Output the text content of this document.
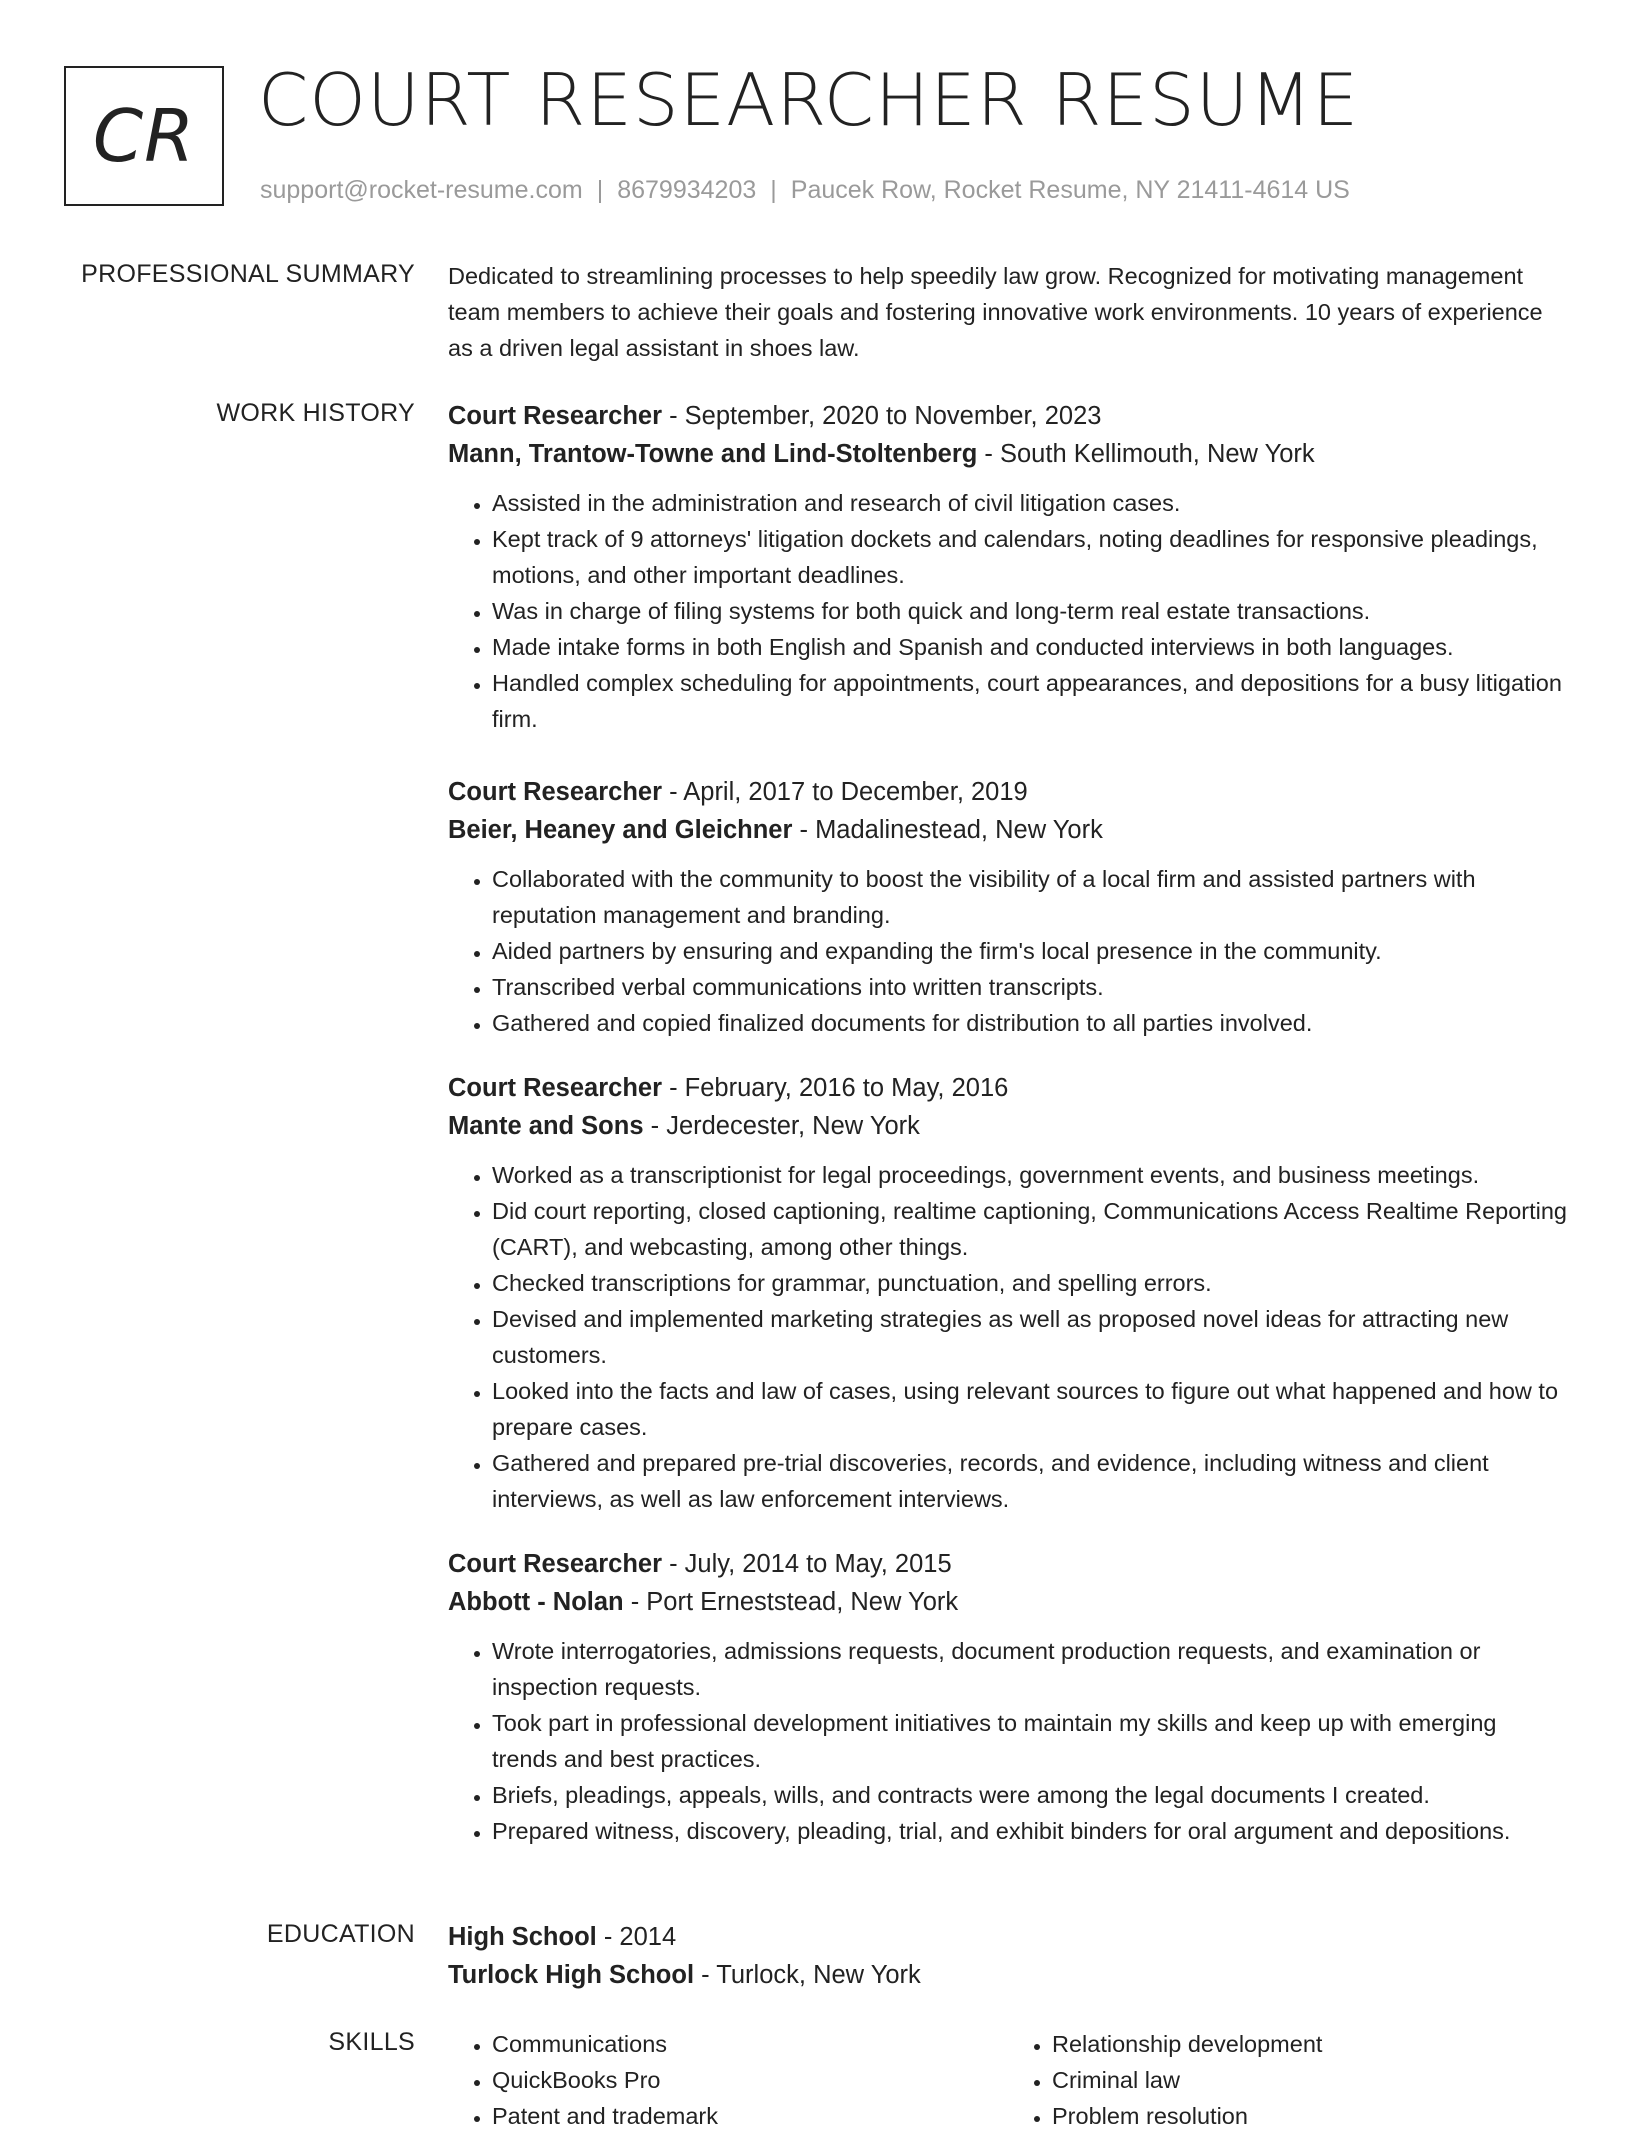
CR COURT RESEARCHER RESUME
support@rocket-resume.com | 8679934203 | Paucek Row, Rocket Resume, NY 21411-4614 US
PROFESSIONAL SUMMARY Dedicated to streamlining processes to help speedily law grow. Recognized for motivating management team members to achieve their goals and fostering innovative work environments. 10 years of experience as a driven legal assistant in shoes law.

WORK HISTORY Court Researcher - September, 2020 to November, 2023
Mann, Trantow-Towne and Lind-Stoltenberg - South Kellimouth, New York
• Assisted in the administration and research of civil litigation cases.
• Kept track of 9 attorneys' litigation dockets and calendars, noting deadlines for responsive pleadings, motions, and other important deadlines.
• Was in charge of filing systems for both quick and long-term real estate transactions.
• Made intake forms in both English and Spanish and conducted interviews in both languages.
• Handled complex scheduling for appointments, court appearances, and depositions for a busy litigation firm.
Court Researcher - April, 2017 to December, 2019
Beier, Heaney and Gleichner - Madalinestead, New York
• Collaborated with the community to boost the visibility of a local firm and assisted partners with reputation management and branding.
• Aided partners by ensuring and expanding the firm's local presence in the community.
• Transcribed verbal communications into written transcripts.
• Gathered and copied finalized documents for distribution to all parties involved.
Court Researcher - February, 2016 to May, 2016
Mante and Sons - Jerdecester, New York
• Worked as a transcriptionist for legal proceedings, government events, and business meetings.
• Did court reporting, closed captioning, realtime captioning, Communications Access Realtime Reporting (CART), and webcasting, among other things.
• Checked transcriptions for grammar, punctuation, and spelling errors.
• Devised and implemented marketing strategies as well as proposed novel ideas for attracting new customers.
• Looked into the facts and law of cases, using relevant sources to figure out what happened and how to prepare cases.
• Gathered and prepared pre-trial discoveries, records, and evidence, including witness and client interviews, as well as law enforcement interviews.
Court Researcher - July, 2014 to May, 2015
Abbott - Nolan - Port Erneststead, New York
• Wrote interrogatories, admissions requests, document production requests, and examination or inspection requests.
• Took part in professional development initiatives to maintain my skills and keep up with emerging trends and best practices.
• Briefs, pleadings, appeals, wills, and contracts were among the legal documents I created.
• Prepared witness, discovery, pleading, trial, and exhibit binders for oral argument and depositions.
EDUCATION High School - 2014
Turlock High School - Turlock, New York
SKILLS
•	Communications
• QuickBooks Pro
• Patent and trademark
• Relationship development
• Criminal law
• Problem resolution
